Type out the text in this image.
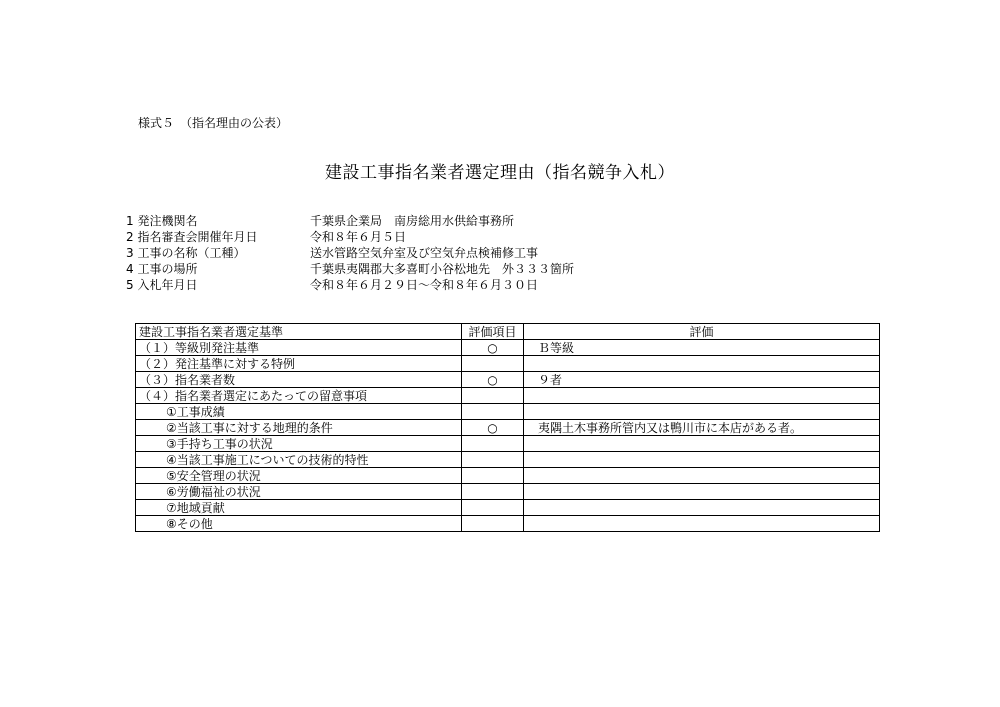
様式５　（指名理由の公表）
建設工事指名業者選定理由（指名競争入札）
1 発注機関名	千葉県企業局　南房総用水供給事務所
2 指名審査会開催年月日	令和８年６月５日
3 工事の名称（工種）	送水管路空気弁室及び空気弁点検補修工事
4 工事の場所	千葉県夷隅郡大多喜町小谷松地先　外３３３箇所
5 入札年月日	令和８年６月２９日～令和８年６月３０日
建設工事指名業者選定基準	評価項目	評価
（１）等級別発注基準	○	Ｂ等級
（２）発注基準に対する特例		
（３）指名業者数	○	９者
（４）指名業者選定にあたっての留意事項		
①工事成績		
②当該工事に対する地理的条件	○	夷隅土木事務所管内又は鴨川市に本店がある者。
③手持ち工事の状況		
④当該工事施工についての技術的特性		
⑤安全管理の状況		
⑥労働福祉の状況		
⑦地域貢献		
⑧その他		
